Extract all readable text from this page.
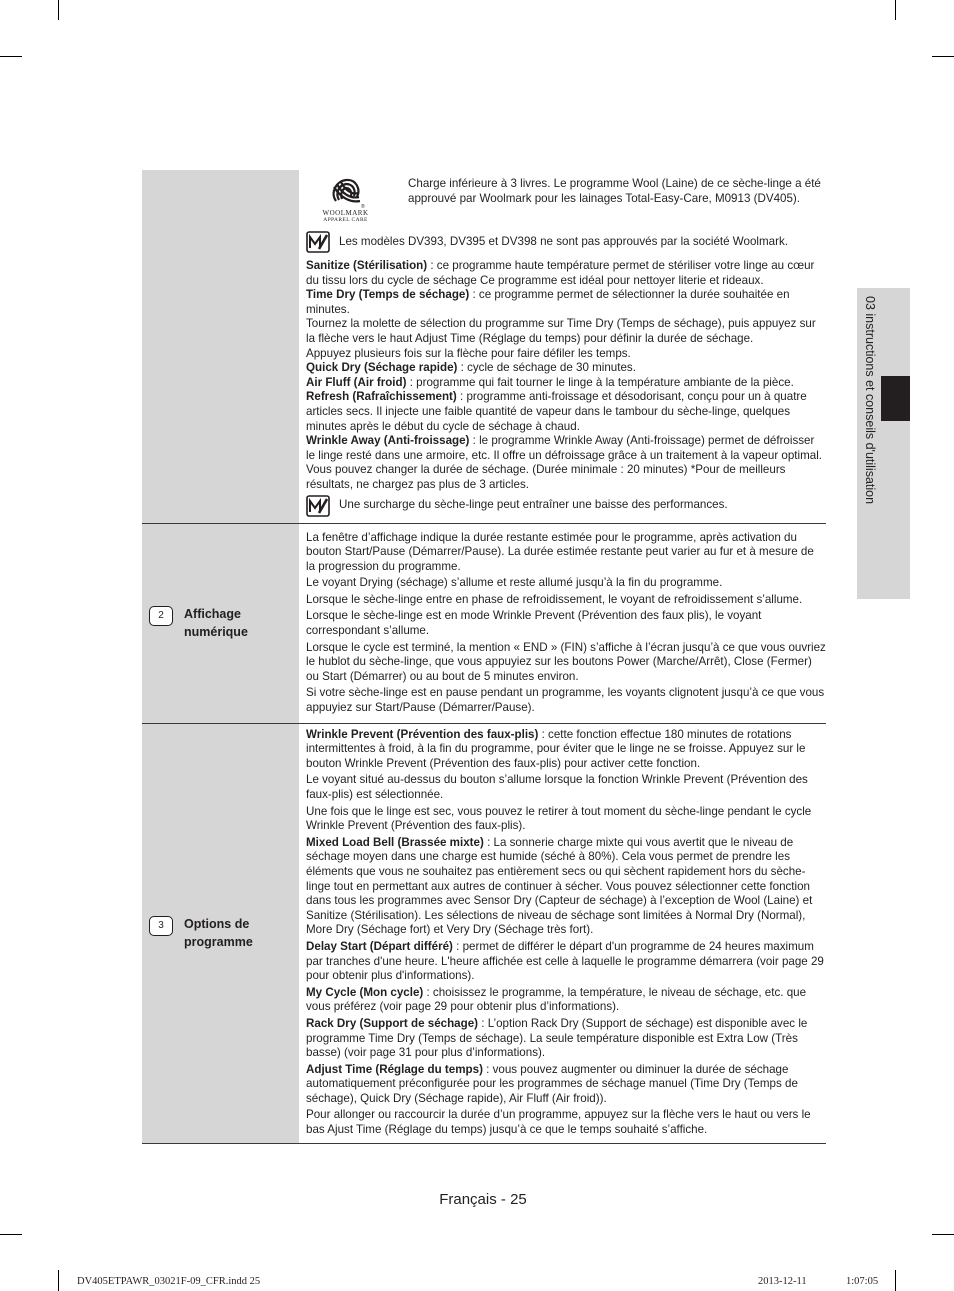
®
WOOLMARK
APPAREL CARE
Charge inférieure à 3 livres. Le programme Wool (Laine) de ce sèche-linge a été approuvé par Woolmark pour les lainages Total-Easy-Care, M0913 (DV405).
Les modèles DV393, DV395 et DV398 ne sont pas approuvés par la société Woolmark.
Sanitize (Stérilisation) : ce programme haute température permet de stériliser votre linge au cœur du tissu lors du cycle de séchage Ce programme est idéal pour nettoyer literie et rideaux.
Time Dry (Temps de séchage) : ce programme permet de sélectionner la durée souhaitée en minutes.
Tournez la molette de sélection du programme sur Time Dry (Temps de séchage), puis appuyez sur la flèche vers le haut Adjust Time (Réglage du temps) pour définir la durée de séchage.
Appuyez plusieurs fois sur la flèche pour faire défiler les temps.
Quick Dry (Séchage rapide) : cycle de séchage de 30 minutes.
Air Fluff (Air froid) : programme qui fait tourner le linge à la température ambiante de la pièce.
Refresh (Rafraîchissement) : programme anti-froissage et désodorisant, conçu pour un à quatre articles secs. Il injecte une faible quantité de vapeur dans le tambour du sèche-linge, quelques minutes après le début du cycle de séchage à chaud.
Wrinkle Away (Anti-froissage) : le programme Wrinkle Away (Anti-froissage) permet de défroisser le linge resté dans une armoire, etc. Il offre un défroissage grâce à un traitement à la vapeur optimal. Vous pouvez changer la durée de séchage. (Durée minimale : 20 minutes) *Pour de meilleurs résultats, ne chargez pas plus de 3 articles.
Une surcharge du sèche-linge peut entraîner une baisse des performances.
2	Affichage numérique
La fenêtre d’affichage indique la durée restante estimée pour le programme, après activation du bouton Start/Pause (Démarrer/Pause). La durée estimée restante peut varier au fur et à mesure de la progression du programme.
Le voyant Drying (séchage) s’allume et reste allumé jusqu’à la fin du programme.
Lorsque le sèche-linge entre en phase de refroidissement, le voyant de refroidissement s’allume.
Lorsque le sèche-linge est en mode Wrinkle Prevent (Prévention des faux plis), le voyant correspondant s’allume.
Lorsque le cycle est terminé, la mention « END » (FIN) s’affiche à l’écran jusqu’à ce que vous ouvriez le hublot du sèche-linge, que vous appuyiez sur les boutons Power (Marche/Arrêt), Close (Fermer) ou Start (Démarrer) ou au bout de 5 minutes environ.
Si votre sèche-linge est en pause pendant un programme, les voyants clignotent jusqu’à ce que vous appuyiez sur Start/Pause (Démarrer/Pause).
3	Options de programme
Wrinkle Prevent (Prévention des faux-plis) : cette fonction effectue 180 minutes de rotations intermittentes à froid, à la fin du programme, pour éviter que le linge ne se froisse. Appuyez sur le bouton Wrinkle Prevent (Prévention des faux-plis) pour activer cette fonction.
Le voyant situé au-dessus du bouton s’allume lorsque la fonction Wrinkle Prevent (Prévention des faux-plis) est sélectionnée.
Une fois que le linge est sec, vous pouvez le retirer à tout moment du sèche-linge pendant le cycle Wrinkle Prevent (Prévention des faux-plis).
Mixed Load Bell (Brassée mixte) : La sonnerie charge mixte qui vous avertit que le niveau de séchage moyen dans une charge est humide (séché à 80%). Cela vous permet de prendre les éléments que vous ne souhaitez pas entièrement secs ou qui sèchent rapidement hors du sèche-linge tout en permettant aux autres de continuer à sécher. Vous pouvez sélectionner cette fonction dans tous les programmes avec Sensor Dry (Capteur de séchage) à l’exception de Wool (Laine) et Sanitize (Stérilisation). Les sélections de niveau de séchage sont limitées à Normal Dry (Normal), More Dry (Séchage fort) et Very Dry (Séchage très fort).
Delay Start (Départ différé) : permet de différer le départ d'un programme de 24 heures maximum par tranches d'une heure. L'heure affichée est celle à laquelle le programme démarrera (voir page 29 pour obtenir plus d'informations).
My Cycle (Mon cycle) : choisissez le programme, la température, le niveau de séchage, etc. que vous préférez (voir page 29 pour obtenir plus d’informations).
Rack Dry (Support de séchage) : L’option Rack Dry (Support de séchage) est disponible avec le programme Time Dry (Temps de séchage). La seule température disponible est Extra Low (Très basse) (voir page 31 pour plus d’informations).
Adjust Time (Réglage du temps) : vous pouvez augmenter ou diminuer la durée de séchage automatiquement préconfigurée pour les programmes de séchage manuel (Time Dry (Temps de séchage), Quick Dry (Séchage rapide), Air Fluff (Air froid)).
Pour allonger ou raccourcir la durée d’un programme, appuyez sur la flèche vers le haut ou vers le bas Ajust Time (Réglage du temps) jusqu’à ce que le temps souhaité s’affiche.
03 instructions et conseils d'utilisation
Français - 25
DV405ETPAWR_03021F-09_CFR.indd 25	2013-12-11	1:07:05
